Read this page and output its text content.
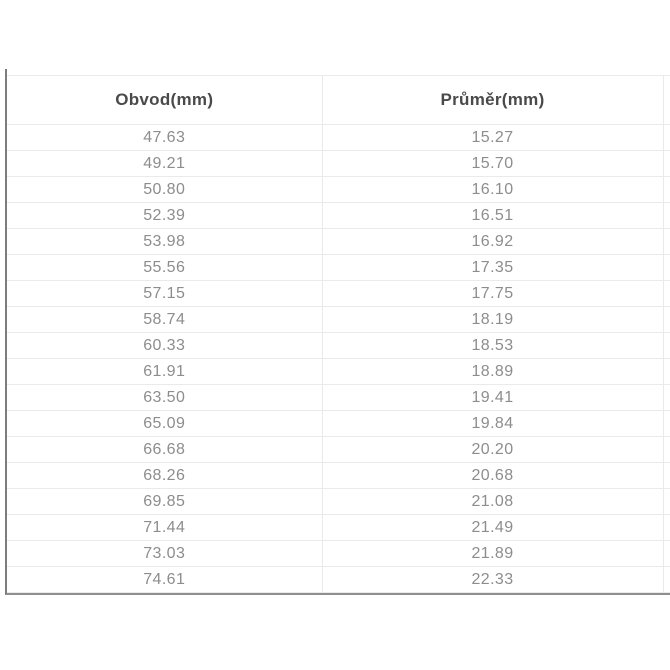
Obvod(mm)	Průměr(mm)	
47.63	15.27	
49.21	15.70	
50.80	16.10	
52.39	16.51	
53.98	16.92	
55.56	17.35	
57.15	17.75	
58.74	18.19	
60.33	18.53	
61.91	18.89	
63.50	19.41	
65.09	19.84	
66.68	20.20	
68.26	20.68	
69.85	21.08	
71.44	21.49	
73.03	21.89	
74.61	22.33	
